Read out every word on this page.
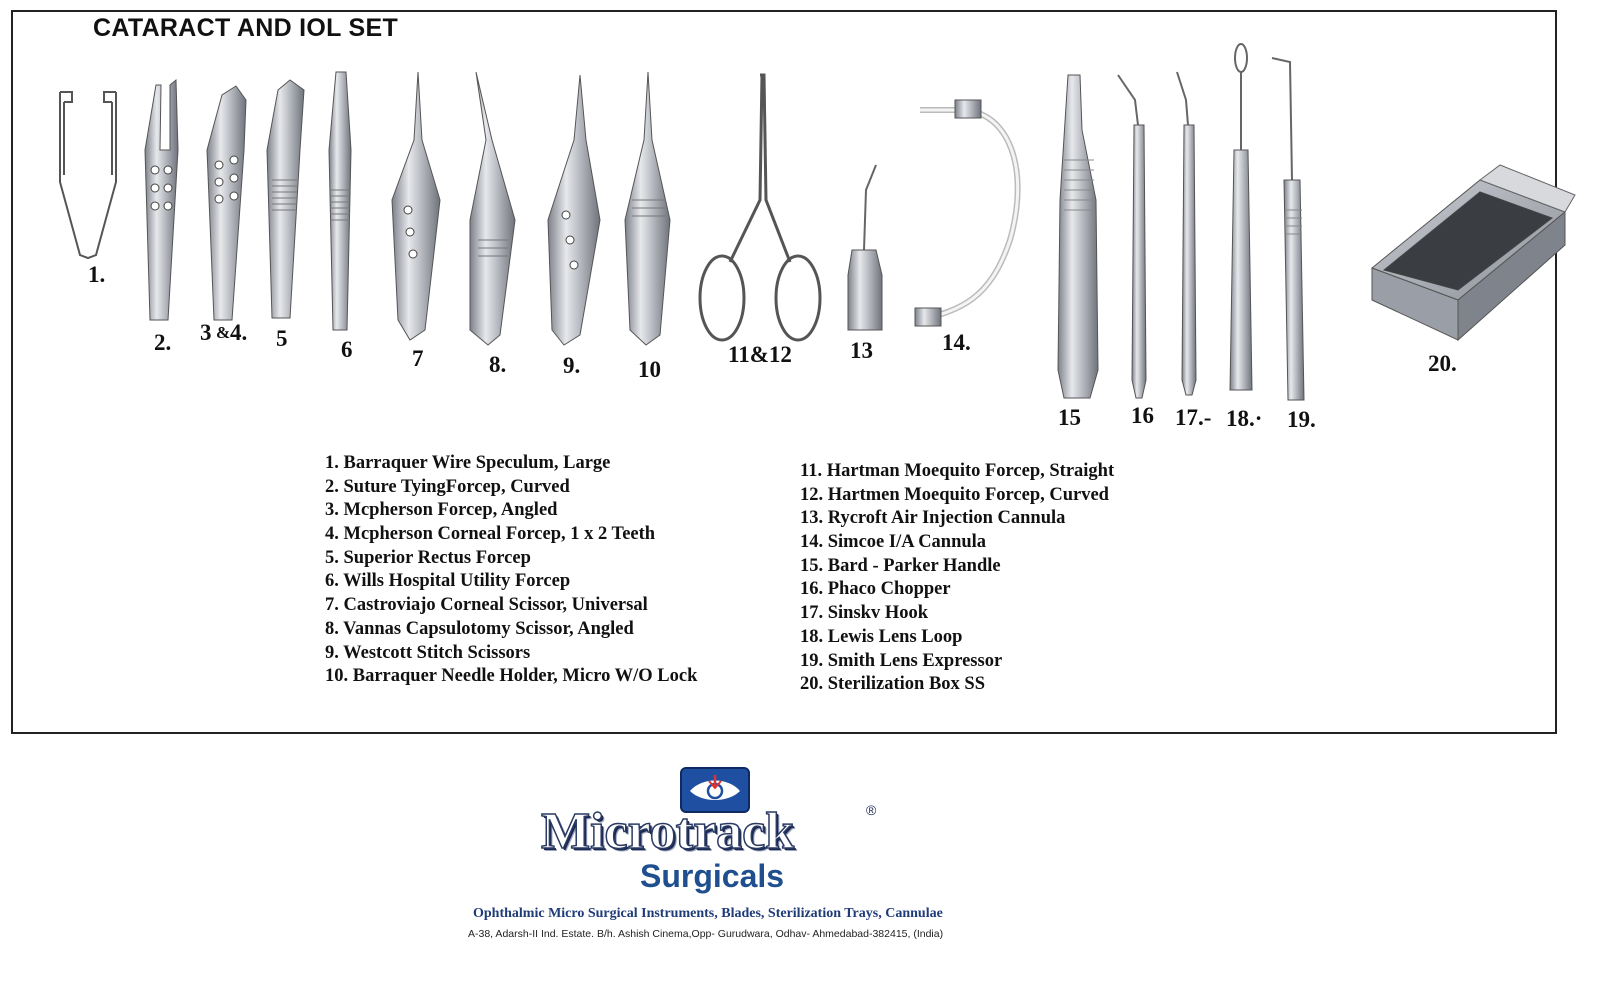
CATARACT AND IOL SET
1.
2. 3 & 4. 5 6	7	8. 9.	10
11&12	13	14.
15 16 17.- 18.· 19.
20.
1. Barraquer Wire Speculum, Large
2. Suture TyingForcep, Curved
3. Mcpherson Forcep, Angled
4. Mcpherson Corneal Forcep, 1 x 2 Teeth
5. Superior Rectus Forcep
6. Wills Hospital Utility Forcep
7. Castroviajo Corneal Scissor, Universal
8. Vannas Capsulotomy Scissor, Angled
9. Westcott Stitch Scissors
10. Barraquer Needle Holder, Micro W/O Lock
11. Hartman Moequito Forcep, Straight
12. Hartmen Moequito Forcep, Curved
13. Rycroft Air Injection Cannula
14. Simcoe I/A Cannula
15. Bard - Parker Handle
16. Phaco Chopper
17. Sinskv Hook
18. Lewis Lens Loop
19. Smith Lens Expressor
20. Sterilization Box SS
Microtrack	®
Surgicals
Ophthalmic Micro Surgical Instruments, Blades, Sterilization Trays, Cannulae
A-38, Adarsh-II Ind. Estate. B/h. Ashish Cinema,Opp- Gurudwara, Odhav- Ahmedabad-382415, (India)
